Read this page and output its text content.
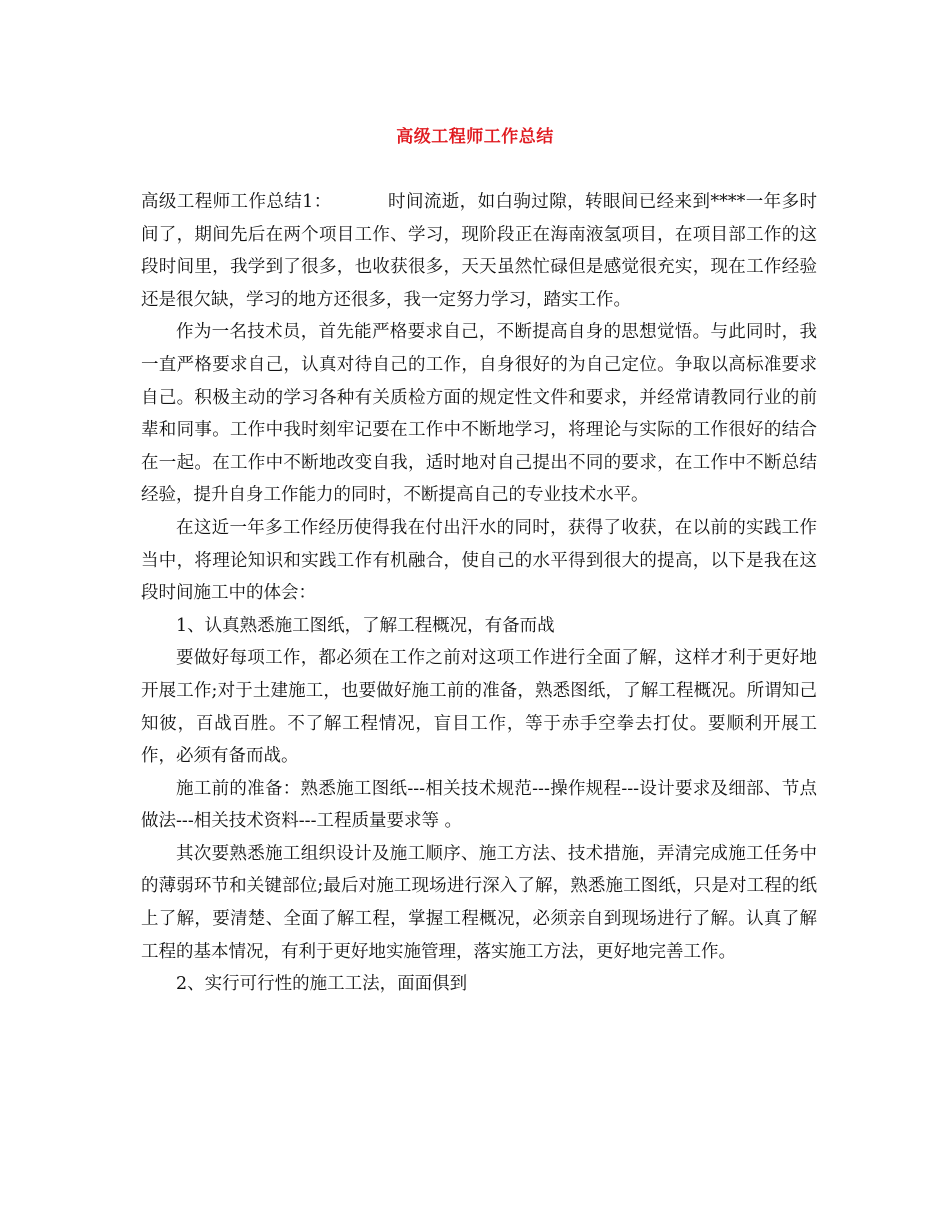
高级工程师工作总结

高级工程师工作总结1：	时间流逝，如白驹过隙，转眼间已经来到****一年多时间了，期间先后在两个项目工作、学习，现阶段正在海南液氢项目，在项目部工作的这段时间里，我学到了很多，也收获很多，天天虽然忙碌但是感觉很充实，现在工作经验还是很欠缺，学习的地方还很多，我一定努力学习，踏实工作。

作为一名技术员，首先能严格要求自己，不断提高自身的思想觉悟。与此同时，我一直严格要求自己，认真对待自己的工作，自身很好的为自己定位。争取以高标准要求自己。积极主动的学习各种有关质检方面的规定性文件和要求，并经常请教同行业的前辈和同事。工作中我时刻牢记要在工作中不断地学习，将理论与实际的工作很好的结合在一起。在工作中不断地改变自我，适时地对自己提出不同的要求，在工作中不断总结经验，提升自身工作能力的同时，不断提高自己的专业技术水平。

在这近一年多工作经历使得我在付出汗水的同时，获得了收获，在以前的实践工作当中，将理论知识和实践工作有机融合，使自己的水平得到很大的提高，以下是我在这段时间施工中的体会：

1、认真熟悉施工图纸，了解工程概况，有备而战

要做好每项工作，都必须在工作之前对这项工作进行全面了解，这样才利于更好地开展工作;对于土建施工，也要做好施工前的准备，熟悉图纸，了解工程概况。所谓知己知彼，百战百胜。不了解工程情况，盲目工作，等于赤手空拳去打仗。要顺利开展工作，必须有备而战。

施工前的准备：熟悉施工图纸---相关技术规范---操作规程---设计要求及细部、节点做法---相关技术资料---工程质量要求等 。

其次要熟悉施工组织设计及施工顺序、施工方法、技术措施，弄清完成施工任务中的薄弱环节和关键部位;最后对施工现场进行深入了解，熟悉施工图纸，只是对工程的纸上了解，要清楚、全面了解工程，掌握工程概况，必须亲自到现场进行了解。认真了解工程的基本情况，有利于更好地实施管理，落实施工方法，更好地完善工作。

2、实行可行性的施工工法，面面俱到
